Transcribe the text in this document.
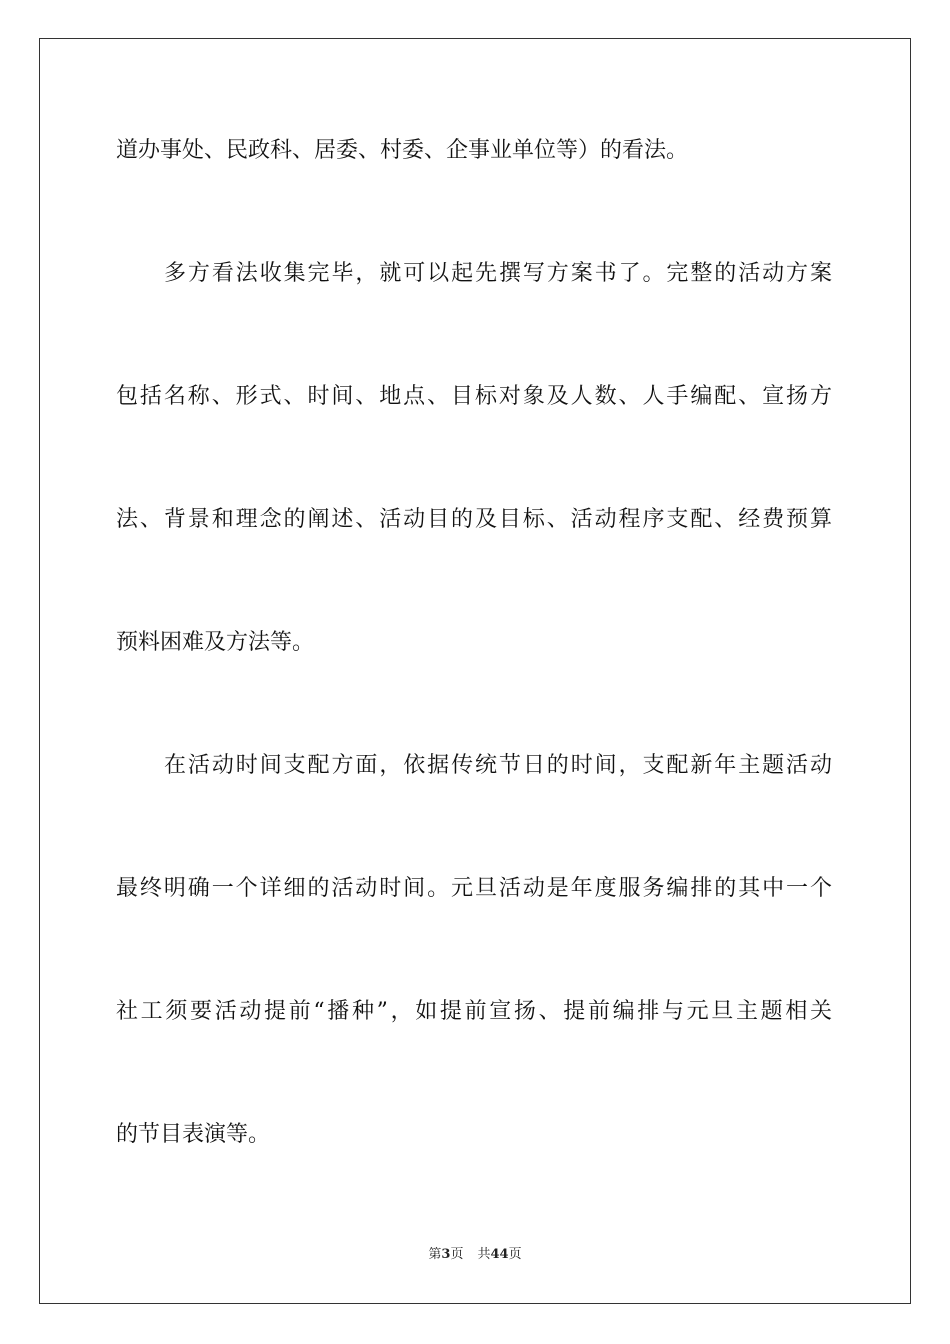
道办事处、民政科、居委、村委、企事业单位等）的看法。
多方看法收集完毕，就可以起先撰写方案书了。完整的活动方案
包括名称、形式、时间、地点、目标对象及人数、人手编配、宣扬方
法、背景和理念的阐述、活动目的及目标、活动程序支配、经费预算
预料困难及方法等。
在活动时间支配方面，依据传统节日的时间，支配新年主题活动
最终明确一个详细的活动时间。元旦活动是年度服务编排的其中一个
社工须要活动提前“播种”，如提前宣扬、提前编排与元旦主题相关
的节目表演等。
第3页 共44页
